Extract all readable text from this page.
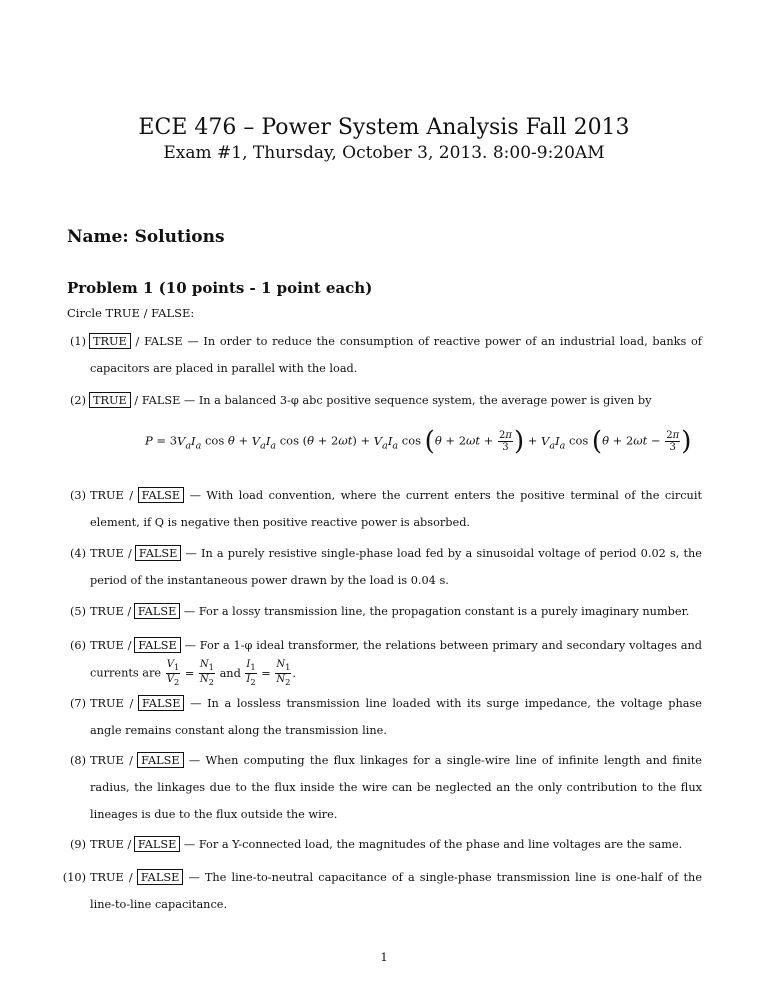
ECE 476 – Power System Analysis Fall 2013
Exam #1, Thursday, October 3, 2013. 8:00-9:20AM
Name: Solutions
Problem 1 (10 points - 1 point each)
Circle TRUE / FALSE:
(1) TRUE / FALSE — In order to reduce the consumption of reactive power of an industrial load, banks of capacitors are placed in parallel with the load.
(2) TRUE / FALSE — In a balanced 3-φ abc positive sequence system, the average power is given by
$P = 3V_aI_a$ $\cos \theta + V_aI_a$ $\cos (\theta + 2\omega t) + V_aI_a$ $\cos (\theta + 2\omega t + \frac{2\pi}{3}$ ) + $V_aI_a$ $\cos (\theta + 2\omega t - \frac{2\pi}{3}$ )
(3) TRUE / FALSE — With load convention, where the current enters the positive terminal of the circuit element, if Q is negative then positive reactive power is absorbed.
(4) TRUE / FALSE — In a purely resistive single-phase load fed by a sinusoidal voltage of period 0.02 s, the period of the instantaneous power drawn by the load is 0.04 s.
(5) TRUE / FALSE — For a lossy transmission line, the propagation constant is a purely imaginary number.
(6) TRUE / FALSE — For a 1-φ ideal transformer, the relations between primary and secondary voltages and currents are $\frac{V_1}{V_2} = \frac{N_1}{N_2}$ and $\frac{I_1}{I_2} = \frac{N_1}{N_2}$ .
(7) TRUE / FALSE — In a lossless transmission line loaded with its surge impedance, the voltage phase angle remains constant along the transmission line.
(8) TRUE / FALSE — When computing the flux linkages for a single-wire line of infinite length and finite radius, the linkages due to the flux inside the wire can be neglected an the only contribution to the flux lineages is due to the flux outside the wire.
(9) TRUE / FALSE — For a Y-connected load, the magnitudes of the phase and line voltages are the same.
(10) TRUE / FALSE — The line-to-neutral capacitance of a single-phase transmission line is one-half of the line-to-line capacitance.
1
